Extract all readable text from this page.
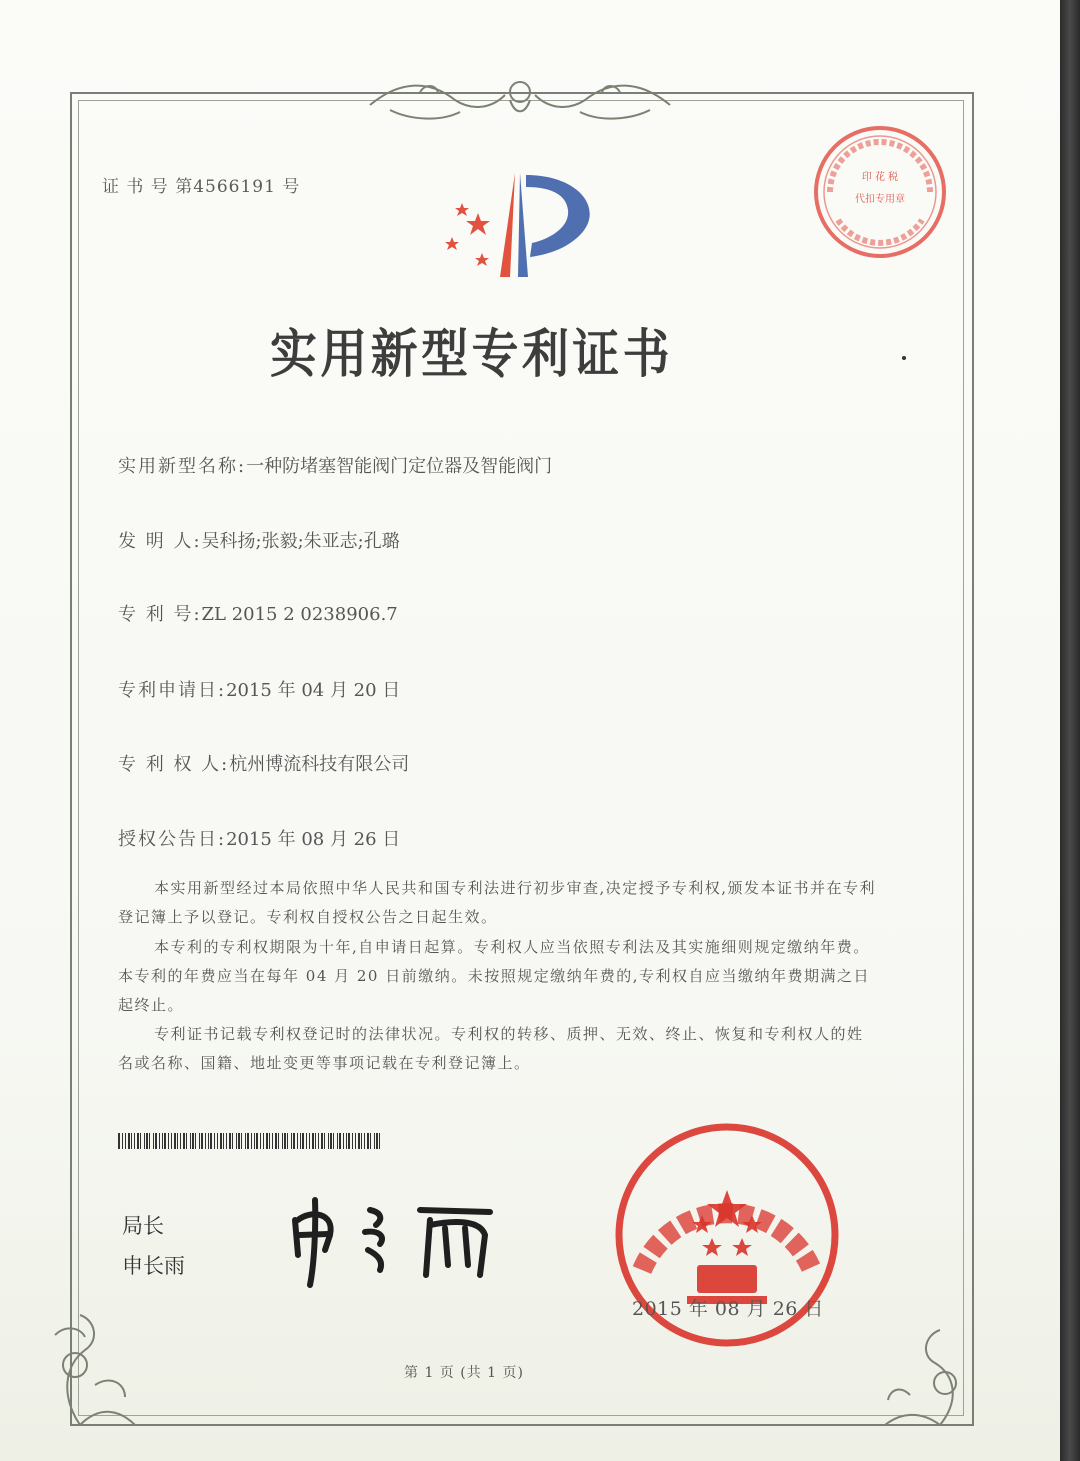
证 书 号 第4566191 号	印 花 税
代扣专用章
实用新型专利证书
实用新型名称:一种防堵塞智能阀门定位器及智能阀门
发 明 人:吴科扬;张毅;朱亚志;孔璐
专 利 号:ZL 2015 2 0238906.7
专利申请日:2015 年 04 月 20 日
专 利 权 人:杭州博流科技有限公司
授权公告日:2015 年 08 月 26 日
本实用新型经过本局依照中华人民共和国专利法进行初步审查,决定授予专利权,颁发本证书并在专利登记簿上予以登记。专利权自授权公告之日起生效。
本专利的专利权期限为十年,自申请日起算。专利权人应当依照专利法及其实施细则规定缴纳年费。本专利的年费应当在每年 04 月 20 日前缴纳。未按照规定缴纳年费的,专利权自应当缴纳年费期满之日起终止。
专利证书记载专利权登记时的法律状况。专利权的转移、质押、无效、终止、恢复和专利权人的姓名或名称、国籍、地址变更等事项记载在专利登记簿上。
局长
申长雨
2015 年 08 月 26 日
第 1 页 (共 1 页)
